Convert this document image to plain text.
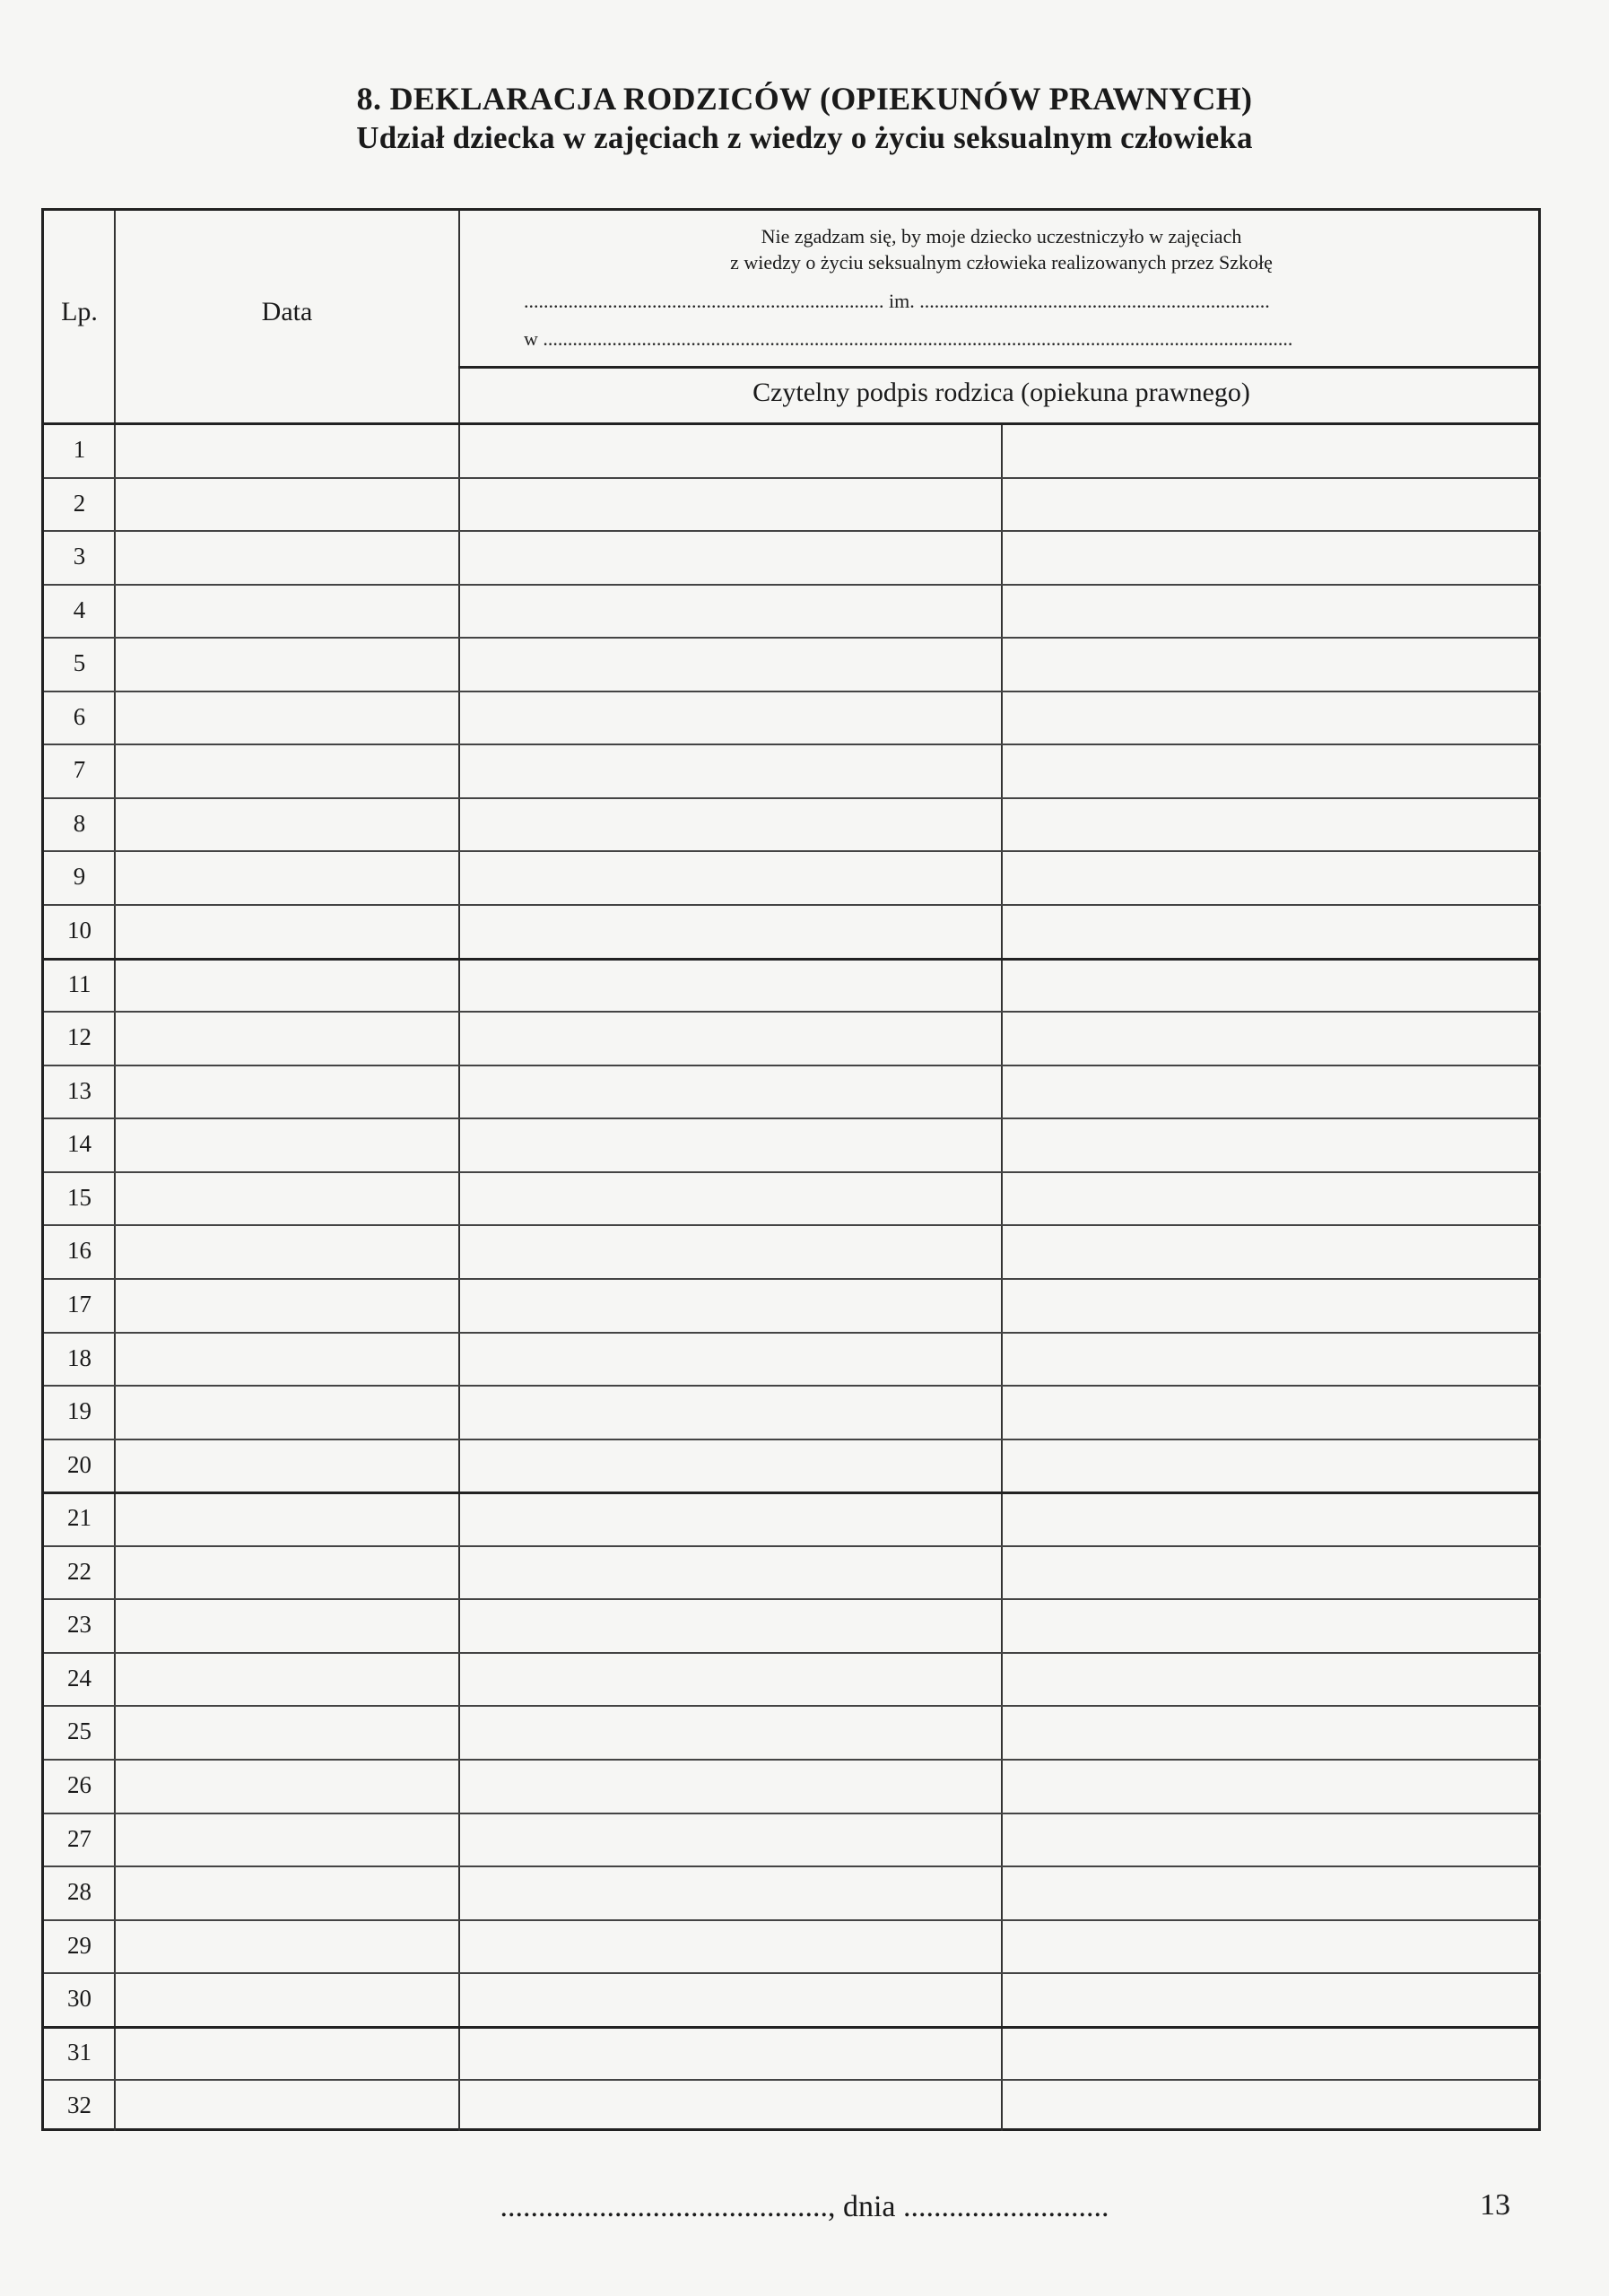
8. DEKLARACJA RODZICÓW (OPIEKUNÓW PRAWNYCH)
Udział dziecka w zajęciach z wiedzy o życiu seksualnym człowieka
Lp.	Data
Nie zgadzam się, by moje dziecko uczestniczyło w zajęciach
z wiedzy o życiu seksualnym człowieka realizowanych przez Szkołę
......................................................................... im. .......................................................................
w ........................................................................................................................................................
Czytelny podpis rodzica (opiekuna prawnego)
1
2
3
4
5
6
7
8
9
10
11
12
13
14
15
16
17
18
19
20
21
22
23
24
25
26
27
28
29
30
31
32
..........................................., dnia ...........................	13
